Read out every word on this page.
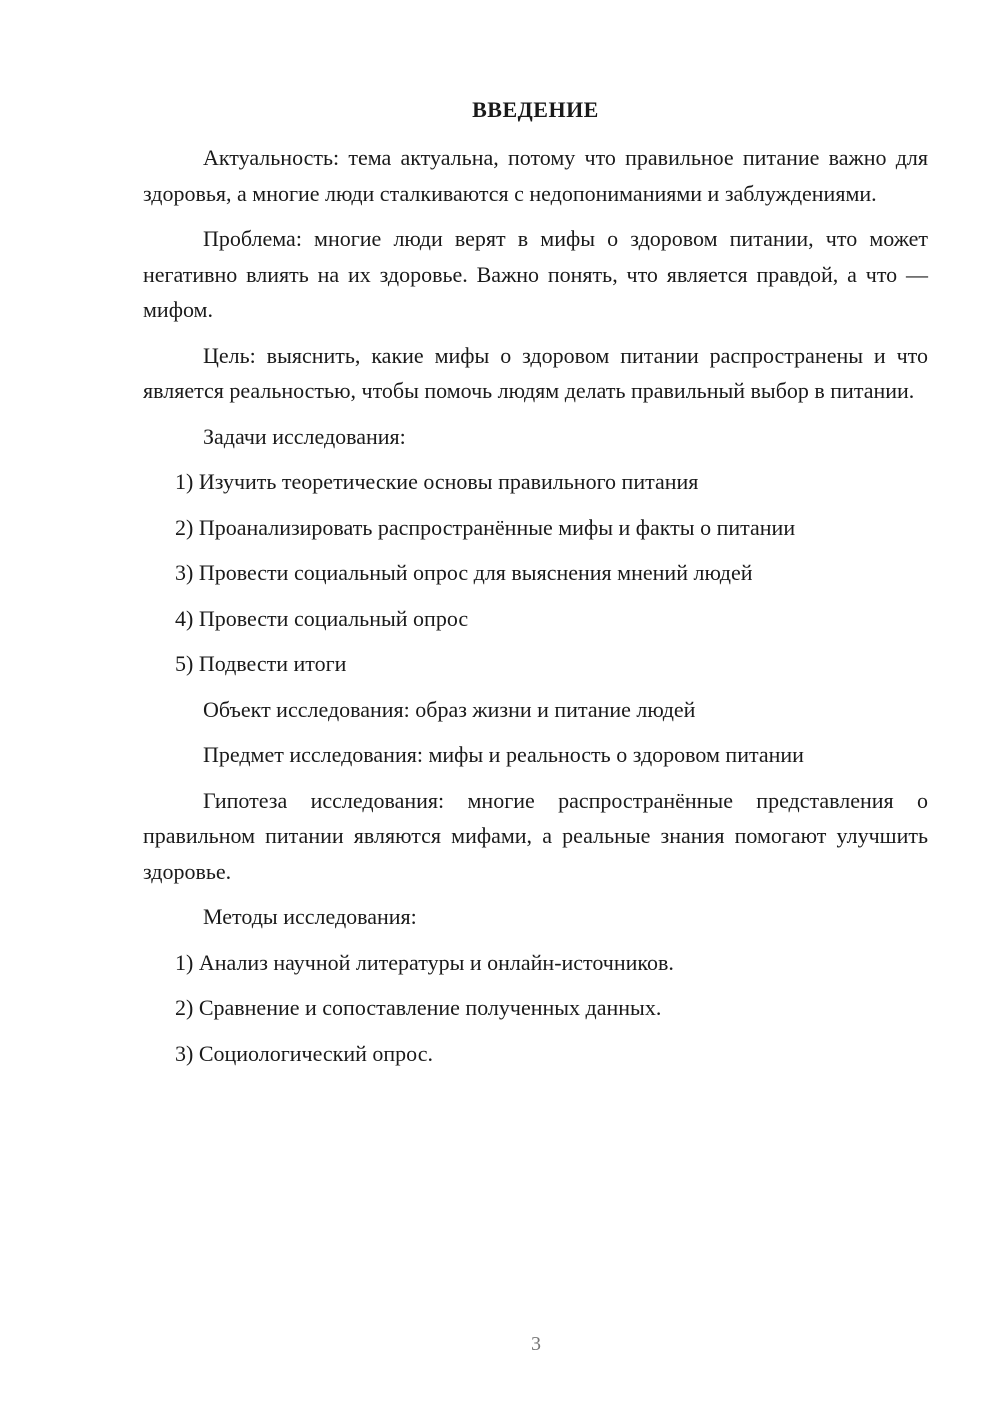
ВВЕДЕНИЕ

Актуальность: тема актуальна, потому что правильное питание важно для здоровья, а многие люди сталкиваются с недопониманиями и заблуждениями.

Проблема: многие люди верят в мифы о здоровом питании, что может негативно влиять на их здоровье. Важно понять, что является правдой, а что — мифом.

Цель: выяснить, какие мифы о здоровом питании распространены и что является реальностью, чтобы помочь людям делать правильный выбор в питании.

Задачи исследования:

1) Изучить теоретические основы правильного питания

2) Проанализировать распространённые мифы и факты о питании

3) Провести социальный опрос для выяснения мнений людей

4) Провести социальный опрос

5) Подвести итоги

Объект исследования: образ жизни и питание людей

Предмет исследования: мифы и реальность о здоровом питании

Гипотеза исследования: многие распространённые представления о правильном питании являются мифами, а реальные знания помогают улучшить здоровье.

Методы исследования:

1) Анализ научной литературы и онлайн-источников.

2) Сравнение и сопоставление полученных данных.

3) Социологический опрос.

3
